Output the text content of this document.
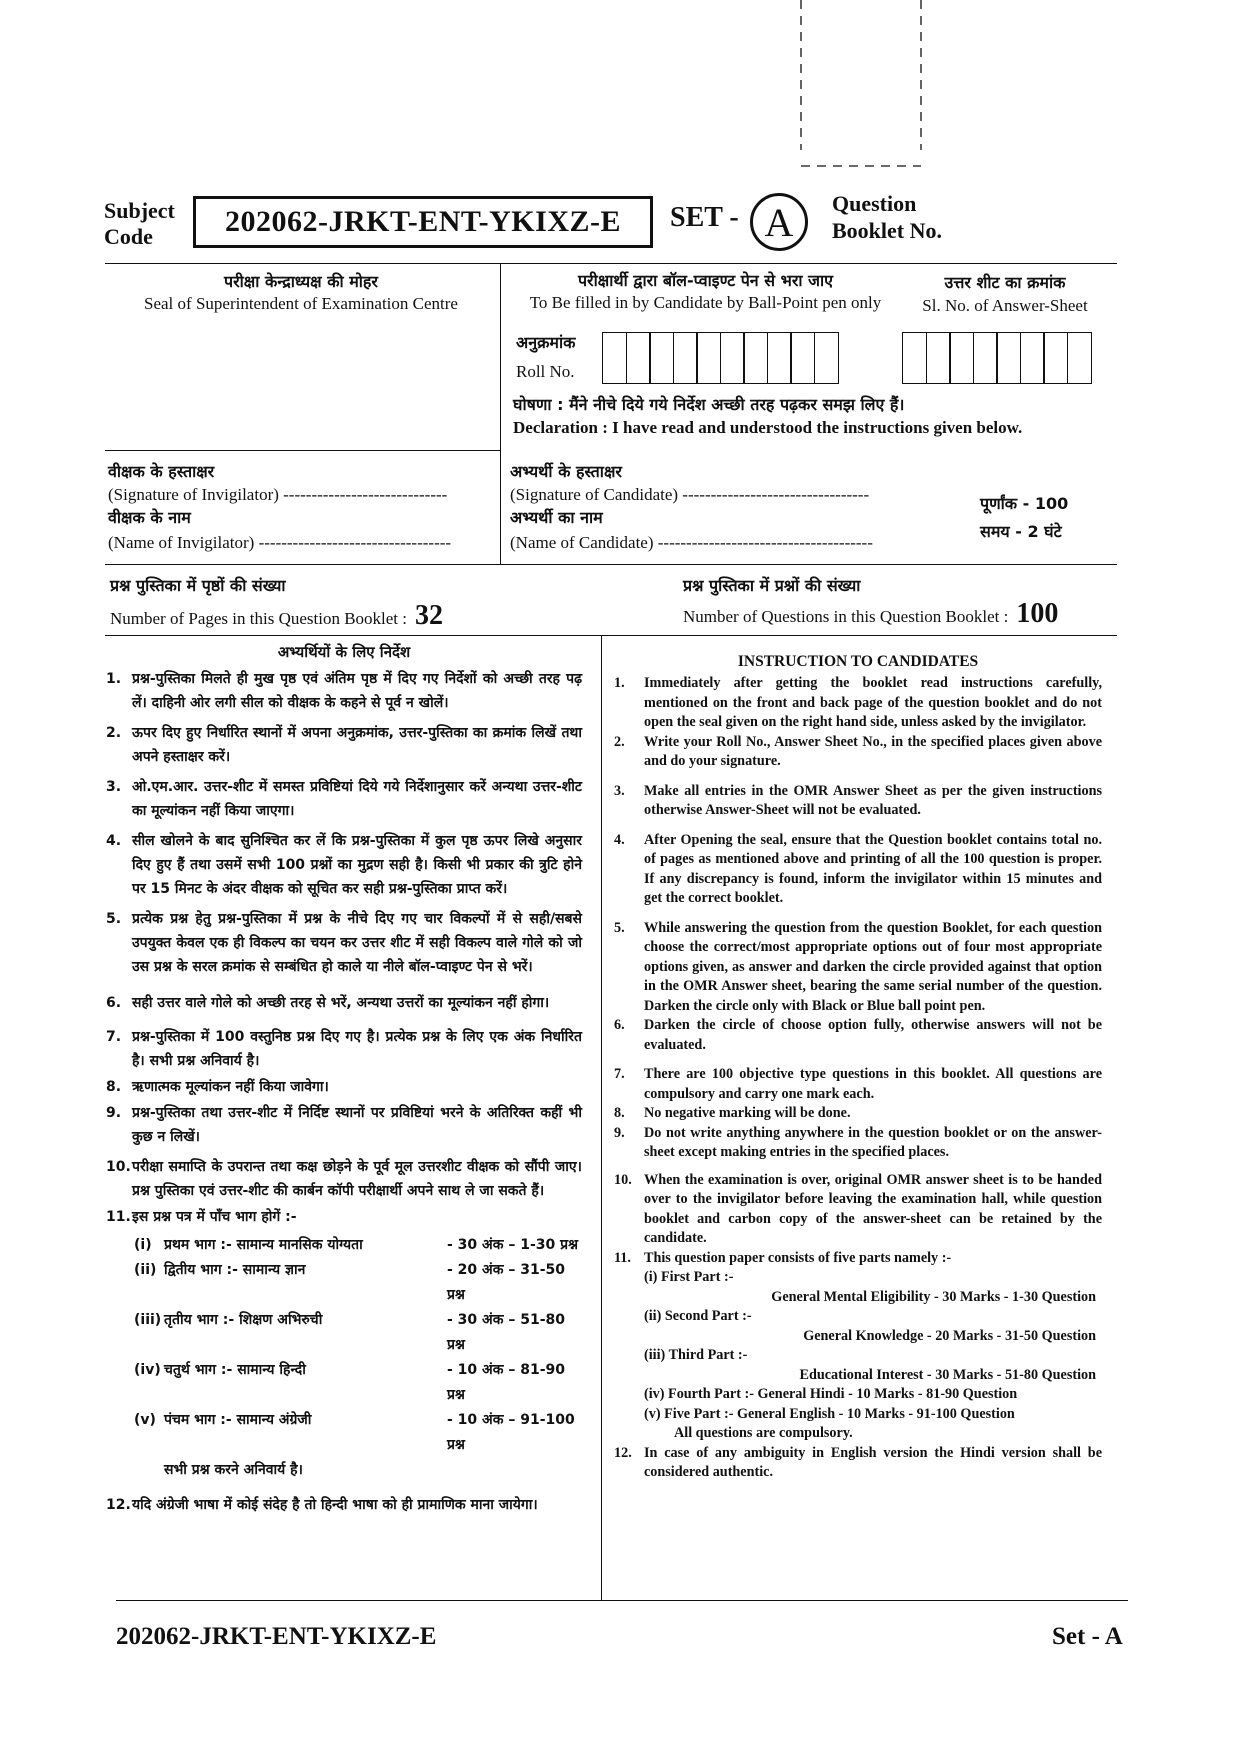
Subject
Code	202062-JRKT-ENT-YKIXZ-E SET - A Question
Booklet No.
परीक्षा केन्द्राध्यक्ष की मोहर
Seal of Superintendent of Examination Centre
परीक्षार्थी द्वारा बॉल-प्वाइण्ट पेन से भरा जाए
To Be filled in by Candidate by Ball-Point pen only
उत्तर शीट का क्रमांक
Sl. No. of Answer-Sheet
अनुक्रमांक
Roll No.
घोषणा : मैंने नीचे दिये गये निर्देश अच्छी तरह पढ़कर समझ लिए हैं।
Declaration : I have read and understood the instructions given below.
वीक्षक के हस्ताक्षर
(Signature of Invigilator) -----------------------------
वीक्षक के नाम
(Name of Invigilator) ----------------------------------
अभ्यर्थी के हस्ताक्षर
(Signature of Candidate) ---------------------------------
अभ्यर्थी का नाम
(Name of Candidate) --------------------------------------
पूर्णांक - 100
समय - 2 घंटे
प्रश्न पुस्तिका में पृष्ठों की संख्या
Number of Pages in this Question Booklet : 32
प्रश्न पुस्तिका में प्रश्नों की संख्या
Number of Questions in this Question Booklet : 100
अभ्यर्थियों के लिए निर्देश
1. प्रश्न-पुस्तिका मिलते ही मुख पृष्ठ एवं अंतिम पृष्ठ में दिए गए निर्देशों को अच्छी तरह पढ़ लें। दाहिनी ओर लगी सील को वीक्षक के कहने से पूर्व न खोलें।
2. ऊपर दिए हुए निर्धारित स्थानों में अपना अनुक्रमांक, उत्तर-पुस्तिका का क्रमांक लिखें तथा अपने हस्ताक्षर करें।
3. ओ.एम.आर. उत्तर-शीट में समस्त प्रविष्टियां दिये गये निर्देशानुसार करें अन्यथा उत्तर-शीट का मूल्यांकन नहीं किया जाएगा।
4. सील खोलने के बाद सुनिश्चित कर लें कि प्रश्न-पुस्तिका में कुल पृष्ठ ऊपर लिखे अनुसार दिए हुए हैं तथा उसमें सभी 100 प्रश्नों का मुद्रण सही है। किसी भी प्रकार की त्रुटि होने पर 15 मिनट के अंदर वीक्षक को सूचित कर सही प्रश्न-पुस्तिका प्राप्त करें।
5. प्रत्येक प्रश्न हेतु प्रश्न-पुस्तिका में प्रश्न के नीचे दिए गए चार विकल्पों में से सही/सबसे उपयुक्त केवल एक ही विकल्प का चयन कर उत्तर शीट में सही विकल्प वाले गोले को जो उस प्रश्न के सरल क्रमांक से सम्बंधित हो काले या नीले बॉल-प्वाइण्ट पेन से भरें।
6. सही उत्तर वाले गोले को अच्छी तरह से भरें, अन्यथा उत्तरों का मूल्यांकन नहीं होगा।
7. प्रश्न-पुस्तिका में 100 वस्तुनिष्ठ प्रश्न दिए गए है। प्रत्येक प्रश्न के लिए एक अंक निर्धारित है। सभी प्रश्न अनिवार्य है।
8. ऋणात्मक मूल्यांकन नहीं किया जावेगा।
9. प्रश्न-पुस्तिका तथा उत्तर-शीट में निर्दिष्ट स्थानों पर प्रविष्टियां भरने के अतिरिक्त कहीं भी कुछ न लिखें।
10. परीक्षा समाप्ति के उपरान्त तथा कक्ष छोड़ने के पूर्व मूल उत्तरशीट वीक्षक को सौंपी जाए। प्रश्न पुस्तिका एवं उत्तर-शीट की कार्बन कॉपी परीक्षार्थी अपने साथ ले जा सकते हैं।
11. इस प्रश्न पत्र में पाँच भाग होगें :-
(i) प्रथम भाग :- सामान्य मानसिक योग्यता	- 30 अंक – 1-30 प्रश्न
(ii) द्वितीय भाग :- सामान्य ज्ञान	- 20 अंक – 31-50 प्रश्न
(iii) तृतीय भाग :- शिक्षण अभिरुची	- 30 अंक – 51-80 प्रश्न
(iv) चतुर्थ भाग :- सामान्य हिन्दी	- 10 अंक – 81-90 प्रश्न
(v) पंचम भाग :- सामान्य अंग्रेजी	- 10 अंक – 91-100 प्रश्न
सभी प्रश्न करने अनिवार्य है।
12. यदि अंग्रेजी भाषा में कोई संदेह है तो हिन्दी भाषा को ही प्रामाणिक माना जायेगा।
INSTRUCTION TO CANDIDATES
1.	Immediately after getting the booklet read instructions carefully, mentioned on the front and back page of the question booklet and do not open the seal given on the right hand side, unless asked by the invigilator.
2.	Write your Roll No., Answer Sheet No., in the specified places given above and do your signature.
3.	Make all entries in the OMR Answer Sheet as per the given instructions otherwise Answer-Sheet will not be evaluated.
4.	After Opening the seal, ensure that the Question booklet contains total no. of pages as mentioned above and printing of all the 100 question is proper. If any discrepancy is found, inform the invigilator within 15 minutes and get the correct booklet.
5.	While answering the question from the question Booklet, for each question choose the correct/most appropriate options out of four most appropriate options given, as answer and darken the circle provided against that option in the OMR Answer sheet, bearing the same serial number of the question. Darken the circle only with Black or Blue ball point pen.
6.	Darken the circle of choose option fully, otherwise answers will not be evaluated.
7.	There are 100 objective type questions in this booklet. All questions are compulsory and carry one mark each.
8.	No negative marking will be done.
9.	Do not write anything anywhere in the question booklet or on the answer-sheet except making entries in the specified places.
10. When the examination is over, original OMR answer sheet is to be handed over to the invigilator before leaving the examination hall, while question booklet and carbon copy of the answer-sheet can be retained by the candidate.
11. This question paper consists of five parts namely :-
(i) First Part :-
General Mental Eligibility - 30 Marks - 1-30 Question
(ii) Second Part :-
General Knowledge - 20 Marks - 31-50 Question
(iii) Third Part :-
Educational Interest - 30 Marks - 51-80 Question
(iv) Fourth Part :- General Hindi - 10 Marks - 81-90 Question
(v) Five Part :- General English - 10 Marks - 91-100 Question
All questions are compulsory.
12. In case of any ambiguity in English version the Hindi version shall be considered authentic.
202062-JRKT-ENT-YKIXZ-E	Set - A
